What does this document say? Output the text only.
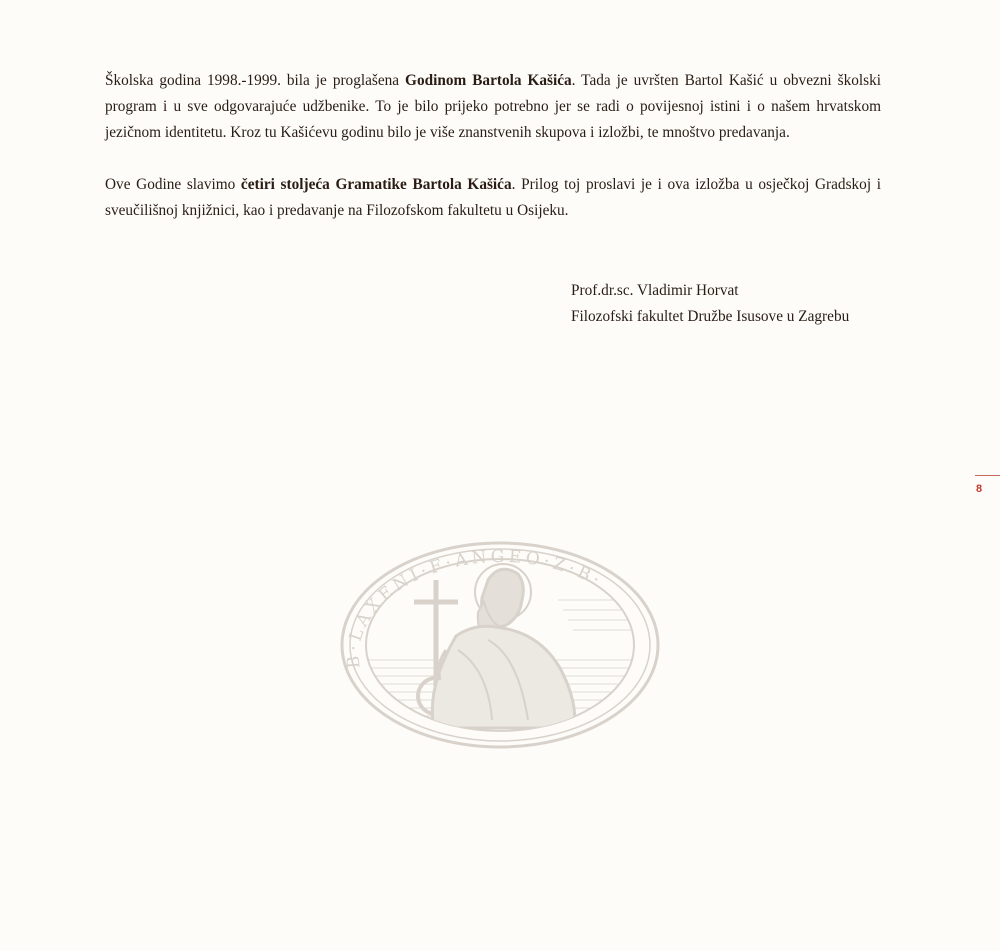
Školska godina 1998.-1999. bila je proglašena Godinom Bartola Kašića. Tada je uvršten Bartol Kašić u obvezni školski program i u sve odgovarajuće udžbenike. To je bilo prijeko potrebno jer se radi o povijesnoj istini i o našem hrvatskom jezičnom identitetu. Kroz tu Kašićevu godinu bilo je više znanstvenih skupova i izložbi, te mnoštvo predavanja.

Ove Godine slavimo četiri stoljeća Gramatike Bartola Kašića. Prilog toj proslavi je i ova izložba u osječkoj Gradskoj i sveučilišnoj knjižnici, kao i predavanje na Filozofskom fakultetu u Osijeku.

Prof.dr.sc. Vladimir Horvat
Filozofski fakultet Družbe Isusove u Zagrebu
8
B·LAXENI·F·ANGEO·Z·B·
